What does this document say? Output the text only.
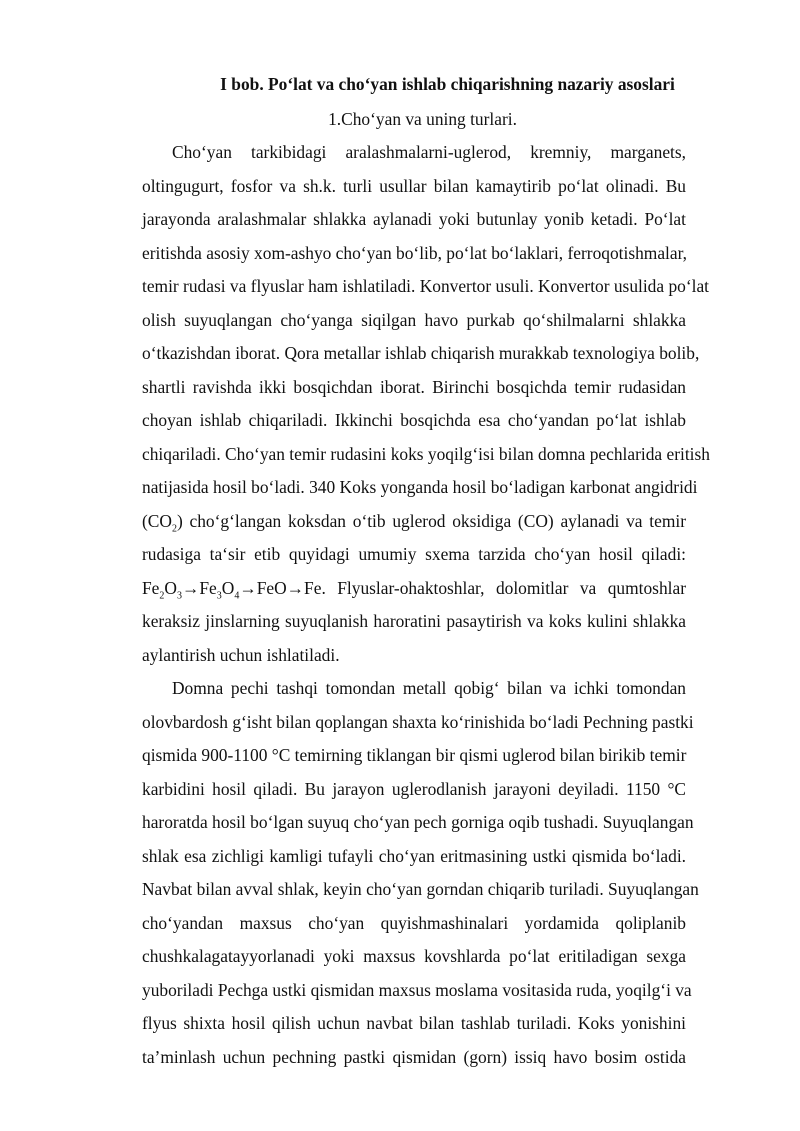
I bob. Po‘lat va cho‘yan ishlab chiqarishning nazariy asoslari
1.Cho‘yan va uning turlari.
Cho‘yan tarkibidagi aralashmalarni-uglerod, kremniy, marganets,
oltingugurt, fosfor va sh.k. turli usullar bilan kamaytirib po‘lat olinadi. Bu
jarayonda aralashmalar shlakka aylanadi yoki butunlay yonib ketadi. Po‘lat
eritishda asosiy xom-ashyo cho‘yan bo‘lib, po‘lat bo‘laklari, ferroqotishmalar,
temir rudasi va flyuslar ham ishlatiladi. Konvertor usuli. Konvertor usulida po‘lat
olish suyuqlangan cho‘yanga siqilgan havo purkab qo‘shilmalarni shlakka
o‘tkazishdan iborat. Qora metallar ishlab chiqarish murakkab texnologiya bolib,
shartli ravishda ikki bosqichdan iborat. Birinchi bosqichda temir rudasidan
choyan ishlab chiqariladi. Ikkinchi bosqichda esa cho‘yandan po‘lat ishlab
chiqariladi. Cho‘yan temir rudasini koks yoqilg‘isi bilan domna pechlarida eritish
natijasida hosil bo‘ladi. 340 Koks yonganda hosil bo‘ladigan karbonat angidridi
$(CO_2)$ cho‘g‘langan koksdan o‘tib uglerod oksidiga (CO) aylanadi va temir
rudasiga ta‘sir etib quyidagi umumiy sxema tarzida cho‘yan hosil qiladi:
$Fe_2O_3\to Fe_3O_4\to FeO\to Fe$. Flyuslar-ohaktoshlar, dolomitlar va qumtoshlar
keraksiz jinslarning suyuqlanish haroratini pasaytirish va koks kulini shlakka
aylantirish uchun ishlatiladi.
Domna pechi tashqi tomondan metall qobig‘ bilan va ichki tomondan
olovbardosh g‘isht bilan qoplangan shaxta ko‘rinishida bo‘ladi Pechning pastki
qismida 900-1100 °C temirning tiklangan bir qismi uglerod bilan birikib temir
karbidini hosil qiladi. Bu jarayon uglerodlanish jarayoni deyiladi. 1150 °C
haroratda hosil bo‘lgan suyuq cho‘yan pech gorniga oqib tushadi. Suyuqlangan
shlak esa zichligi kamligi tufayli cho‘yan eritmasining ustki qismida bo‘ladi.
Navbat bilan avval shlak, keyin cho‘yan gorndan chiqarib turiladi. Suyuqlangan
cho‘yandan maxsus cho‘yan quyishmashinalari yordamida qoliplanib
chushkalagatayyorlanadi yoki maxsus kovshlarda po‘lat eritiladigan sexga
yuboriladi Pechga ustki qismidan maxsus moslama vositasida ruda, yoqilg‘i va
flyus shixta hosil qilish uchun navbat bilan tashlab turiladi. Koks yonishini
ta’minlash uchun pechning pastki qismidan (gorn) issiq havo bosim ostida
